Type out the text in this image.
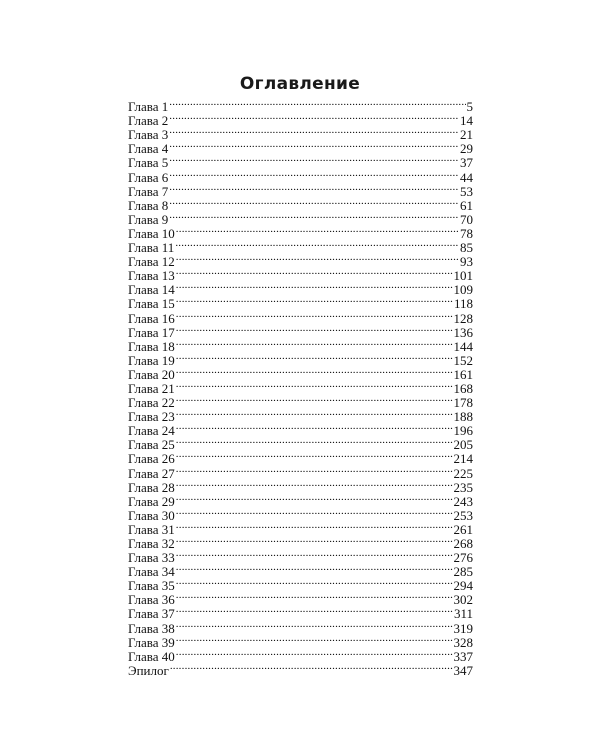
Оглавление
Глава 1 .....	5
Глава 2 .....	14
Глава 3 .....	21
Глава 4 .....	29
Глава 5 .....	37
Глава 6 .....	44
Глава 7 .....	53
Глава 8 .....	61
Глава 9 .....	70
Глава 10 .....	78
Глава 11 .....	85
Глава 12 .....	93
Глава 13 .....	101
Глава 14 .....	109
Глава 15 .....	118
Глава 16 .....	128
Глава 17 .....	136
Глава 18 .....	144
Глава 19 .....	152
Глава 20 .....	161
Глава 21 .....	168
Глава 22 .....	178
Глава 23 .....	188
Глава 24 .....	196
Глава 25 .....	205
Глава 26 .....	214
Глава 27 .....	225
Глава 28 .....	235
Глава 29 .....	243
Глава 30 .....	253
Глава 31 .....	261
Глава 32 .....	268
Глава 33 .....	276
Глава 34 .....	285
Глава 35 .....	294
Глава 36 .....	302
Глава 37 .....	311
Глава 38 .....	319
Глава 39 .....	328
Глава 40 .....	337
Эпилог .....	347
